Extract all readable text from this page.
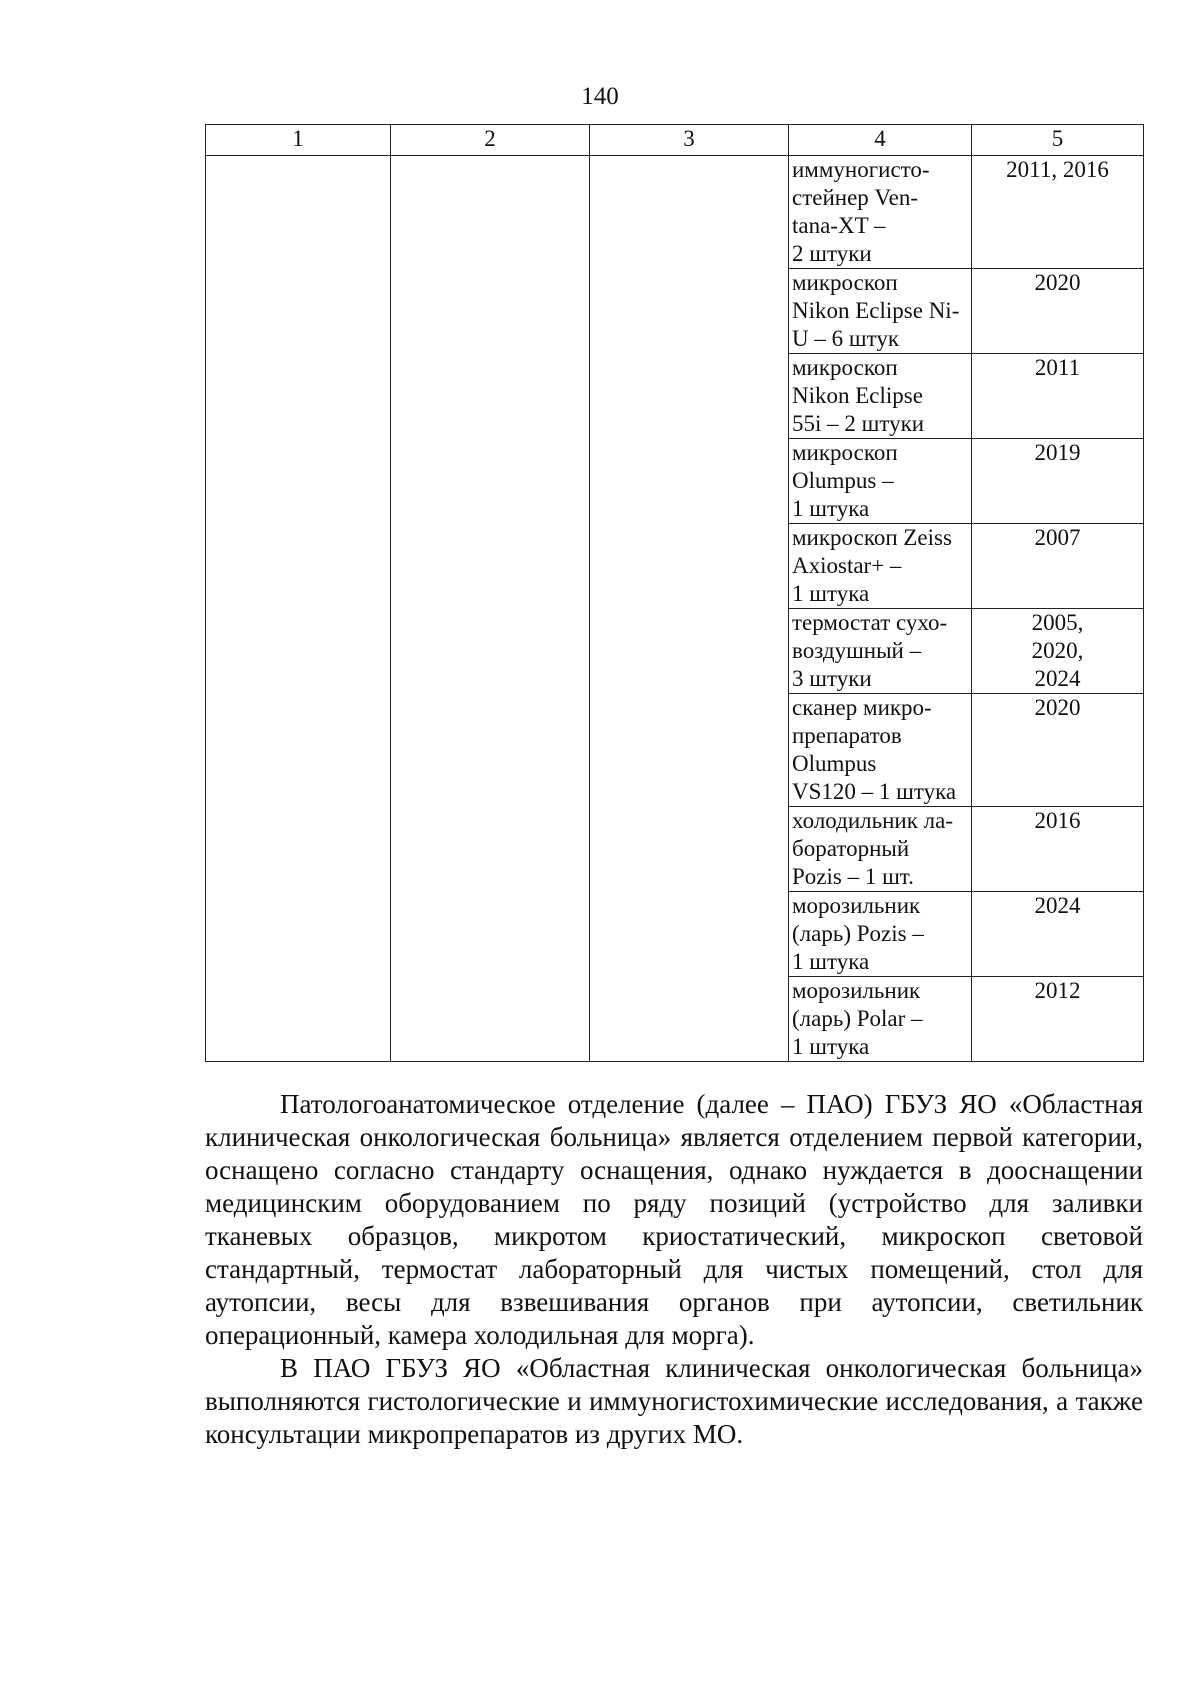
140
1	2	3	4	5
			иммуногисто-
стейнер Ven-
tana-XT –
2 штуки	2011, 2016
			микроскоп
Nikon Eclipse Ni-
U – 6 штук	2020
			микроскоп
Nikon Eclipse
55i – 2 штуки	2011
			микроскоп
Olumpus –
1 штука	2019
			микроскоп Zeiss
Axiostar+ –
1 штука	2007
			термостат сухо-
воздушный –
3 штуки	2005,
2020,
2024
			сканер микро-
препаратов
Olumpus
VS120 – 1 штука	2020
			холодильник ла-
бораторный
Pozis – 1 шт.	2016
			морозильник
(ларь) Pozis –
1 штука	2024
			морозильник
(ларь) Polar –
1 штука	2012

Патологоанатомическое отделение (далее – ПАО) ГБУЗ ЯО «Областная клиническая онкологическая больница» является отделением первой категории, оснащено согласно стандарту оснащения, однако нуждается в дооснащении медицинским оборудованием по ряду позиций (устройство для заливки тканевых образцов, микротом криостатический, микроскоп световой стандартный, термостат лабораторный для чистых помещений, стол для аутопсии, весы для взвешивания органов при аутопсии, светильник операционный, камера холодильная для морга).

В ПАО ГБУЗ ЯО «Областная клиническая онкологическая больница» выполняются гистологические и иммуногистохимические исследования, а также консультации микропрепаратов из других МО.
